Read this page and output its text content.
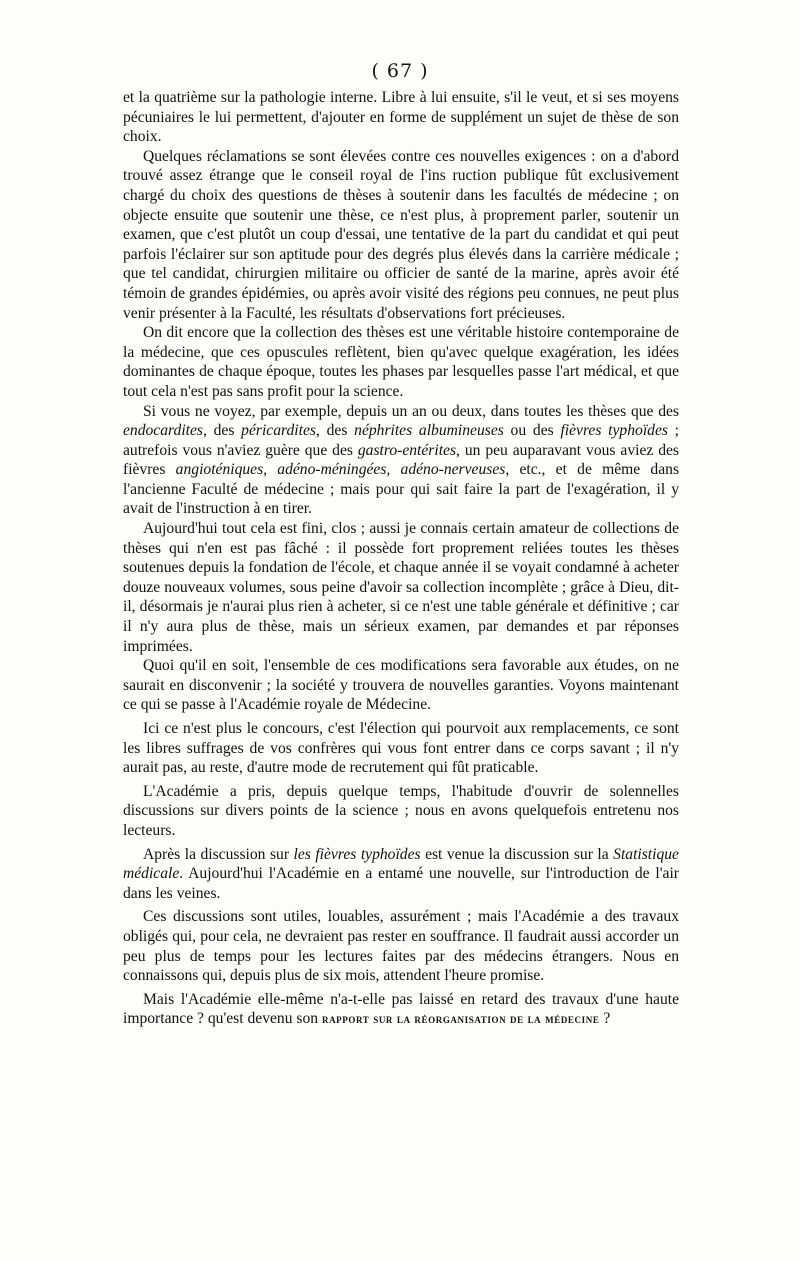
( 67 )

et la quatrième sur la pathologie interne. Libre à lui ensuite, s'il le veut, et si ses moyens pécuniaires le lui permettent, d'ajouter en forme de supplément un sujet de thèse de son choix.

Quelques réclamations se sont élevées contre ces nouvelles exigences : on a d'abord trouvé assez étrange que le conseil royal de l'ins ruction publique fût exclusivement chargé du choix des questions de thèses à soutenir dans les facultés de médecine ; on objecte ensuite que soutenir une thèse, ce n'est plus, à proprement parler, soutenir un examen, que c'est plutôt un coup d'essai, une tentative de la part du candidat et qui peut parfois l'éclairer sur son aptitude pour des degrés plus élevés dans la carrière médicale ; que tel candidat, chirurgien militaire ou officier de santé de la marine, après avoir été témoin de grandes épidémies, ou après avoir visité des régions peu connues, ne peut plus venir présenter à la Faculté, les résultats d'observations fort précieuses.

On dit encore que la collection des thèses est une véritable histoire contemporaine de la médecine, que ces opuscules reflètent, bien qu'avec quelque exagération, les idées dominantes de chaque époque, toutes les phases par lesquelles passe l'art médical, et que tout cela n'est pas sans profit pour la science.

Si vous ne voyez, par exemple, depuis un an ou deux, dans toutes les thèses que des endocardites, des péricardites, des néphrites albumineuses ou des fièvres typhoïdes ; autrefois vous n'aviez guère que des gastro-entérites, un peu auparavant vous aviez des fièvres angioténiques, adéno-méningées, adéno-nerveuses, etc., et de même dans l'ancienne Faculté de médecine ; mais pour qui sait faire la part de l'exagération, il y avait de l'instruction à en tirer.

Aujourd'hui tout cela est fini, clos ; aussi je connais certain amateur de collections de thèses qui n'en est pas fâché : il possède fort proprement reliées toutes les thèses soutenues depuis la fondation de l'école, et chaque année il se voyait condamné à acheter douze nouveaux volumes, sous peine d'avoir sa collection incomplète ; grâce à Dieu, dit-il, désormais je n'aurai plus rien à acheter, si ce n'est une table générale et définitive ; car il n'y aura plus de thèse, mais un sérieux examen, par demandes et par réponses imprimées.

Quoi qu'il en soit, l'ensemble de ces modifications sera favorable aux études, on ne saurait en disconvenir ; la société y trouvera de nouvelles garanties. Voyons maintenant ce qui se passe à l'Académie royale de Médecine.

Ici ce n'est plus le concours, c'est l'élection qui pourvoit aux remplacements, ce sont les libres suffrages de vos confrères qui vous font entrer dans ce corps savant ; il n'y aurait pas, au reste, d'autre mode de recrutement qui fût praticable.

L'Académie a pris, depuis quelque temps, l'habitude d'ouvrir de solennelles discussions sur divers points de la science ; nous en avons quelquefois entretenu nos lecteurs.

Après la discussion sur les fièvres typhoïdes est venue la discussion sur la Statistique médicale. Aujourd'hui l'Académie en a entamé une nouvelle, sur l'introduction de l'air dans les veines.

Ces discussions sont utiles, louables, assurément ; mais l'Académie a des travaux obligés qui, pour cela, ne devraient pas rester en souffrance. Il faudrait aussi accorder un peu plus de temps pour les lectures faites par des médecins étrangers. Nous en connaissons qui, depuis plus de six mois, attendent l'heure promise.

Mais l'Académie elle-même n'a-t-elle pas laissé en retard des travaux d'une haute importance ? qu'est devenu son rapport sur la réorganisation de la médecine ?
